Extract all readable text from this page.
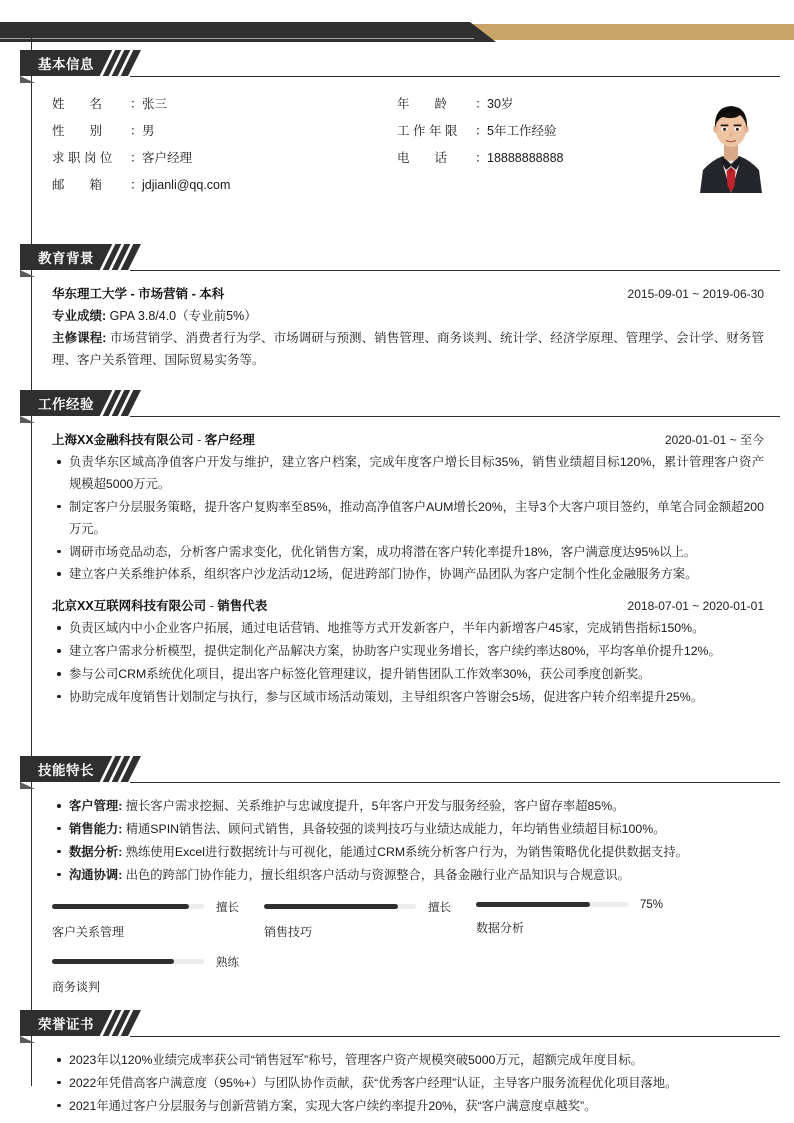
基本信息
姓　　名	： 张三
性　　别	： 男
求 职 岗 位	： 客户经理
邮　　箱	： jdjianli@qq.com
年　　龄	： 30岁
工 作 年 限	： 5年工作经验
电　　话	： 18888888888
教育背景
华东理工大学 - 市场营销 - 本科	2015-09-01 ~ 2019-06-30
专业成绩: GPA 3.8/4.0（专业前5%）
主修课程: 市场营销学、消费者行为学、市场调研与预测、销售管理、商务谈判、统计学、经济学原理、管理学、会计学、财务管理、客户关系管理、国际贸易实务等。
工作经验
上海XX金融科技有限公司 - 客户经理	2020-01-01 ~ 至今
负责华东区域高净值客户开发与维护，建立客户档案，完成年度客户增长目标35%，销售业绩超目标120%，累计管理客户资产规模超5000万元。
制定客户分层服务策略，提升客户复购率至85%，推动高净值客户AUM增长20%，主导3个大客户项目签约，单笔合同金额超200万元。
调研市场竞品动态，分析客户需求变化，优化销售方案，成功将潜在客户转化率提升18%，客户满意度达95%以上。
建立客户关系维护体系，组织客户沙龙活动12场，促进跨部门协作，协调产品团队为客户定制个性化金融服务方案。
北京XX互联网科技有限公司 - 销售代表	2018-07-01 ~ 2020-01-01
负责区域内中小企业客户拓展，通过电话营销、地推等方式开发新客户，半年内新增客户45家，完成销售指标150%。
建立客户需求分析模型，提供定制化产品解决方案，协助客户实现业务增长，客户续约率达80%，平均客单价提升12%。
参与公司CRM系统优化项目，提出客户标签化管理建议，提升销售团队工作效率30%，获公司季度创新奖。
协助完成年度销售计划制定与执行，参与区域市场活动策划，主导组织客户答谢会5场，促进客户转介绍率提升25%。
技能特长
客户管理: 擅长客户需求挖掘、关系维护与忠诚度提升，5年客户开发与服务经验，客户留存率超85%。
销售能力: 精通SPIN销售法、顾问式销售，具备较强的谈判技巧与业绩达成能力，年均销售业绩超目标100%。
数据分析: 熟练使用Excel进行数据统计与可视化，能通过CRM系统分析客户行为，为销售策略优化提供数据支持。
沟通协调: 出色的跨部门协作能力，擅长组织客户活动与资源整合，具备金融行业产品知识与合规意识。
擅长
客户关系管理
擅长
销售技巧
75%
数据分析
熟练
商务谈判
荣誉证书
2023年以120%业绩完成率获公司“销售冠军”称号，管理客户资产规模突破5000万元，超额完成年度目标。
2022年凭借高客户满意度（95%+）与团队协作贡献，获“优秀客户经理”认证，主导客户服务流程优化项目落地。
2021年通过客户分层服务与创新营销方案，实现大客户续约率提升20%，获“客户满意度卓越奖”。
